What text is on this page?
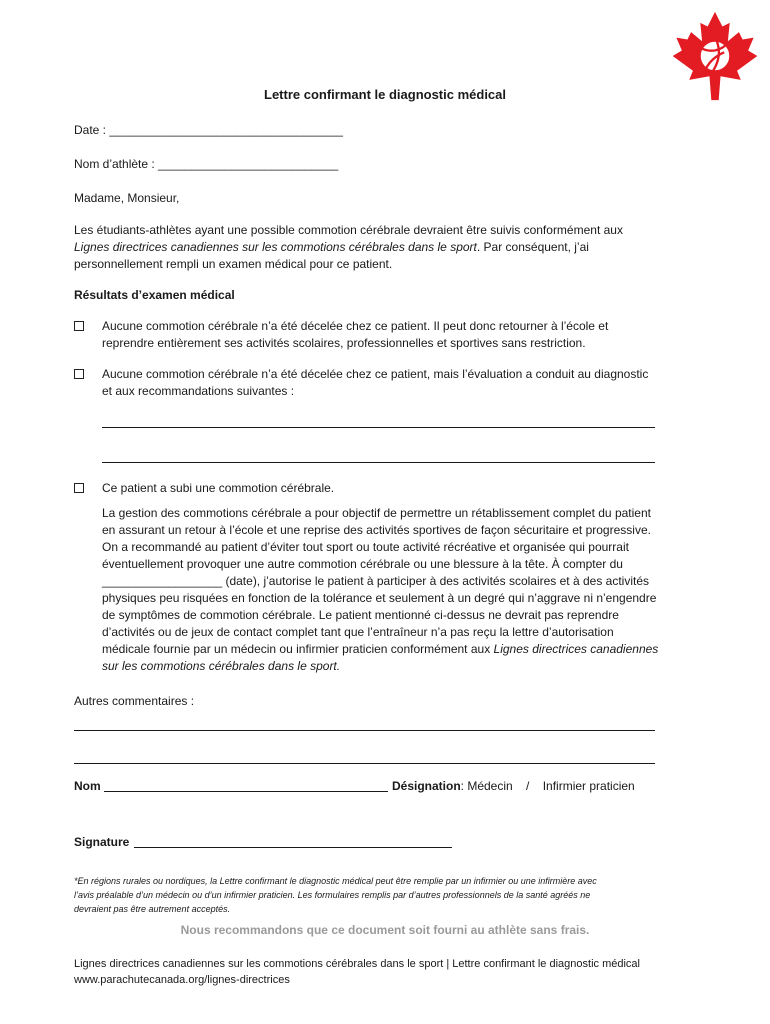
Lettre confirmant le diagnostic médical
Date : ___________________________________
Nom d’athlète : ___________________________
Madame, Monsieur,
Les étudiants-athlètes ayant une possible commotion cérébrale devraient être suivis conformément aux
Lignes directrices canadiennes sur les commotions cérébrales dans le sport. Par conséquent, j’ai
personnellement rempli un examen médical pour ce patient.
Résultats d’examen médical
Aucune commotion cérébrale n’a été décelée chez ce patient. Il peut donc retourner à l’école et
reprendre entièrement ses activités scolaires, professionnelles et sportives sans restriction.
Aucune commotion cérébrale n’a été décelée chez ce patient, mais l’évaluation a conduit au diagnostic
et aux recommandations suivantes :
Ce patient a subi une commotion cérébrale.
La gestion des commotions cérébrale a pour objectif de permettre un rétablissement complet du patient
en assurant un retour à l’école et une reprise des activités sportives de façon sécuritaire et progressive.
On a recommandé au patient d’éviter tout sport ou toute activité récréative et organisée qui pourrait
éventuellement provoquer une autre commotion cérébrale ou une blessure à la tête. À compter du
__________________ (date), j’autorise le patient à participer à des activités scolaires et à des activités
physiques peu risquées en fonction de la tolérance et seulement à un degré qui n’aggrave ni n’engendre
de symptômes de commotion cérébrale. Le patient mentionné ci-dessus ne devrait pas reprendre
d’activités ou de jeux de contact complet tant que l’entraîneur n’a pas reçu la lettre d’autorisation
médicale fournie par un médecin ou infirmier praticien conformément aux Lignes directrices canadiennes
sur les commotions cérébrales dans le sport.
Autres commentaires :
Nom	Désignation: Médecin    /    Infirmier praticien
Signature
*En régions rurales ou nordiques, la Lettre confirmant le diagnostic médical peut être remplie par un infirmier ou une infirmière avec
l’avis préalable d’un médecin ou d’un infirmier praticien. Les formulaires remplis par d’autres professionnels de la santé agréés ne
devraient pas être autrement acceptés.
Nous recommandons que ce document soit fourni au athlète sans frais.
Lignes directrices canadiennes sur les commotions cérébrales dans le sport | Lettre confirmant le diagnostic médical
www.parachutecanada.org/lignes-directrices
